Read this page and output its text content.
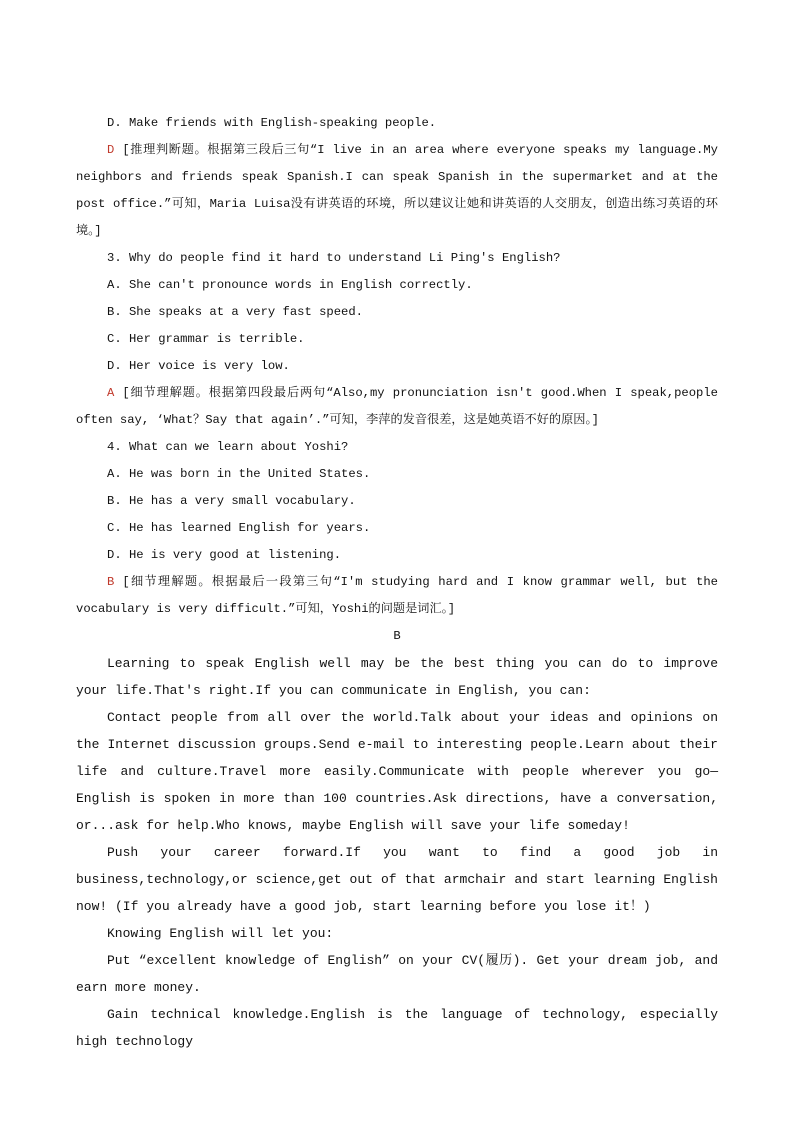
D. Make friends with English-speaking people.

D [推理判断题。根据第三段后三句“I live in an area where everyone speaks my language.My neighbors and friends speak Spanish.I can speak Spanish in the supermarket and at the post office.”可知，Maria Luisa没有讲英语的环境，所以建议让她和讲英语的人交朋友，创造出练习英语的环境。]

3. Why do people find it hard to understand Li Ping's English?

A. She can't pronounce words in English correctly.

B. She speaks at a very fast speed.

C. Her grammar is terrible.

D. Her voice is very low.

A [细节理解题。根据第四段最后两句“Also,my pronunciation isn't good.When I speak,people often say, ‘What？Say that again’.”可知，李萍的发音很差，这是她英语不好的原因。]

4. What can we learn about Yoshi?

A. He was born in the United States.

B. He has a very small vocabulary.

C. He has learned English for years.

D. He is very good at listening.

B [细节理解题。根据最后一段第三句“I'm studying hard and I know grammar well, but the vocabulary is very difficult.”可知，Yoshi的问题是词汇。]

B

Learning to speak English well may be the best thing you can do to improve your life.That's right.If you can communicate in English, you can:

Contact people from all over the world.Talk about your ideas and opinions on the Internet discussion groups.Send e-mail to interesting people.Learn about their life and culture.Travel more easily.Communicate with people wherever you go—English is spoken in more than 100 countries.Ask directions, have a conversation, or...ask for help.Who knows, maybe English will save your life someday!

Push your career forward.If you want to find a good job in business,technology,or science,get out of that armchair and start learning English now! (If you already have a good job, start learning before you lose it！)

Knowing English will let you:

Put “excellent knowledge of English” on your CV(履历). Get your dream job, and earn more money.

Gain technical knowledge.English is the language of technology, especially high technology
